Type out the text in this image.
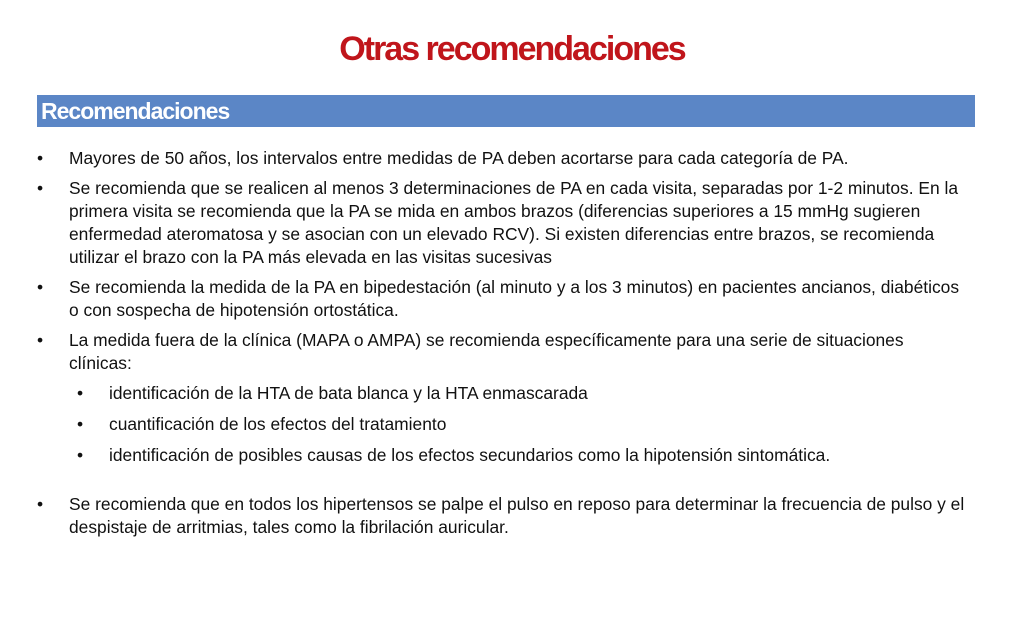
Otras recomendaciones
Recomendaciones
• Mayores de 50 años, los intervalos entre medidas de PA deben acortarse para cada categoría de PA.
• Se recomienda que se realicen al menos 3 determinaciones de PA en cada visita, separadas por 1-2 minutos. En la primera visita se recomienda que la PA se mida en ambos brazos (diferencias superiores a 15 mmHg sugieren enfermedad ateromatosa y se asocian con un elevado RCV). Si existen diferencias entre brazos, se recomienda utilizar el brazo con la PA más elevada en las visitas sucesivas
• Se recomienda la medida de la PA en bipedestación (al minuto y a los 3 minutos) en pacientes ancianos, diabéticos o con sospecha de hipotensión ortostática.
• La medida fuera de la clínica (MAPA o AMPA) se recomienda específicamente para una serie de situaciones clínicas:
• identificación de la HTA de bata blanca y la HTA enmascarada
• cuantificación de los efectos del tratamiento
• identificación de posibles causas de los efectos secundarios como la hipotensión sintomática.
• Se recomienda que en todos los hipertensos se palpe el pulso en reposo para determinar la frecuencia de pulso y el despistaje de arritmias, tales como la fibrilación auricular.
